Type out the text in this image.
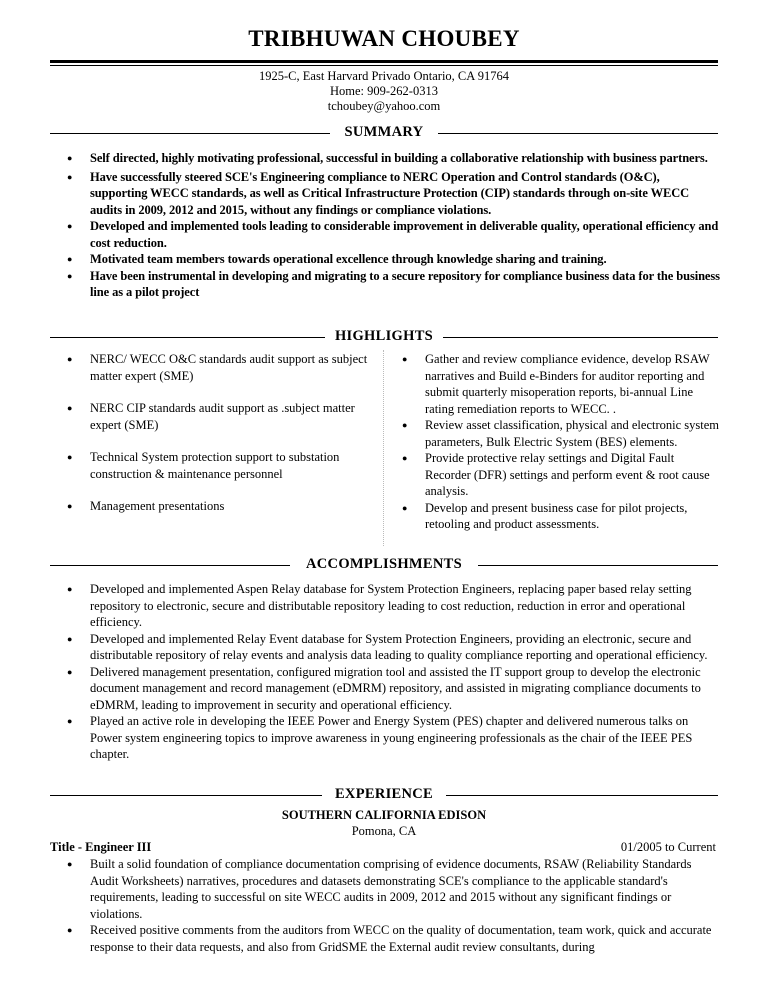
TRIBHUWAN CHOUBEY
1925-C, East Harvard Privado Ontario, CA 91764
Home: 909-262-0313
tchoubey@yahoo.com
SUMMARY
● Self directed, highly motivating professional, successful in building a collaborative relationship with business partners.
● Have successfully steered SCE's Engineering compliance to NERC Operation and Control standards (O&C), supporting WECC standards, as well as Critical Infrastructure Protection (CIP) standards through on-site WECC audits in 2009, 2012 and 2015, without any findings or compliance violations.
● Developed and implemented tools leading to considerable improvement in deliverable quality, operational efficiency and cost reduction.
● Motivated team members towards operational excellence through knowledge sharing and training.
● Have been instrumental in developing and migrating to a secure repository for compliance business data for the business line as a pilot project
HIGHLIGHTS
● NERC/ WECC O&C standards audit support as subject matter expert (SME)
● NERC CIP standards audit support as .subject matter expert (SME)
● Technical System protection support to substation construction & maintenance personnel
● Management presentations
● Gather and review compliance evidence, develop RSAW narratives and Build e-Binders for auditor reporting and submit quarterly misoperation reports, bi-annual Line rating remediation reports to WECC. .
● Review asset classification, physical and electronic system parameters, Bulk Electric System (BES) elements.
● Provide protective relay settings and Digital Fault Recorder (DFR) settings and perform event & root cause analysis.
● Develop and present business case for pilot projects, retooling and product assessments.
ACCOMPLISHMENTS
● Developed and implemented Aspen Relay database for System Protection Engineers, replacing paper based relay setting repository to electronic, secure and distributable repository leading to cost reduction, reduction in error and operational efficiency.
● Developed and implemented Relay Event database for System Protection Engineers, providing an electronic, secure and distributable repository of relay events and analysis data leading to quality compliance reporting and operational efficiency.
● Delivered management presentation, configured migration tool and assisted the IT support group to develop the electronic document management and record management (eDMRM) repository, and assisted in migrating compliance documents to eDMRM, leading to improvement in security and operational efficiency.
● Played an active role in developing the IEEE Power and Energy System (PES) chapter and delivered numerous talks on Power system engineering topics to improve awareness in young engineering professionals as the chair of the IEEE PES chapter.
EXPERIENCE
SOUTHERN CALIFORNIA EDISON
Pomona, CA
Title - Engineer III	01/2005 to Current
● Built a solid foundation of compliance documentation comprising of evidence documents, RSAW (Reliability Standards Audit Worksheets) narratives, procedures and datasets demonstrating SCE's compliance to the applicable standard's requirements, leading to successful on site WECC audits in 2009, 2012 and 2015 without any significant findings or violations.
● Received positive comments from the auditors from WECC on the quality of documentation, team work, quick and accurate response to their data requests, and also from GridSME the External audit review consultants, during
